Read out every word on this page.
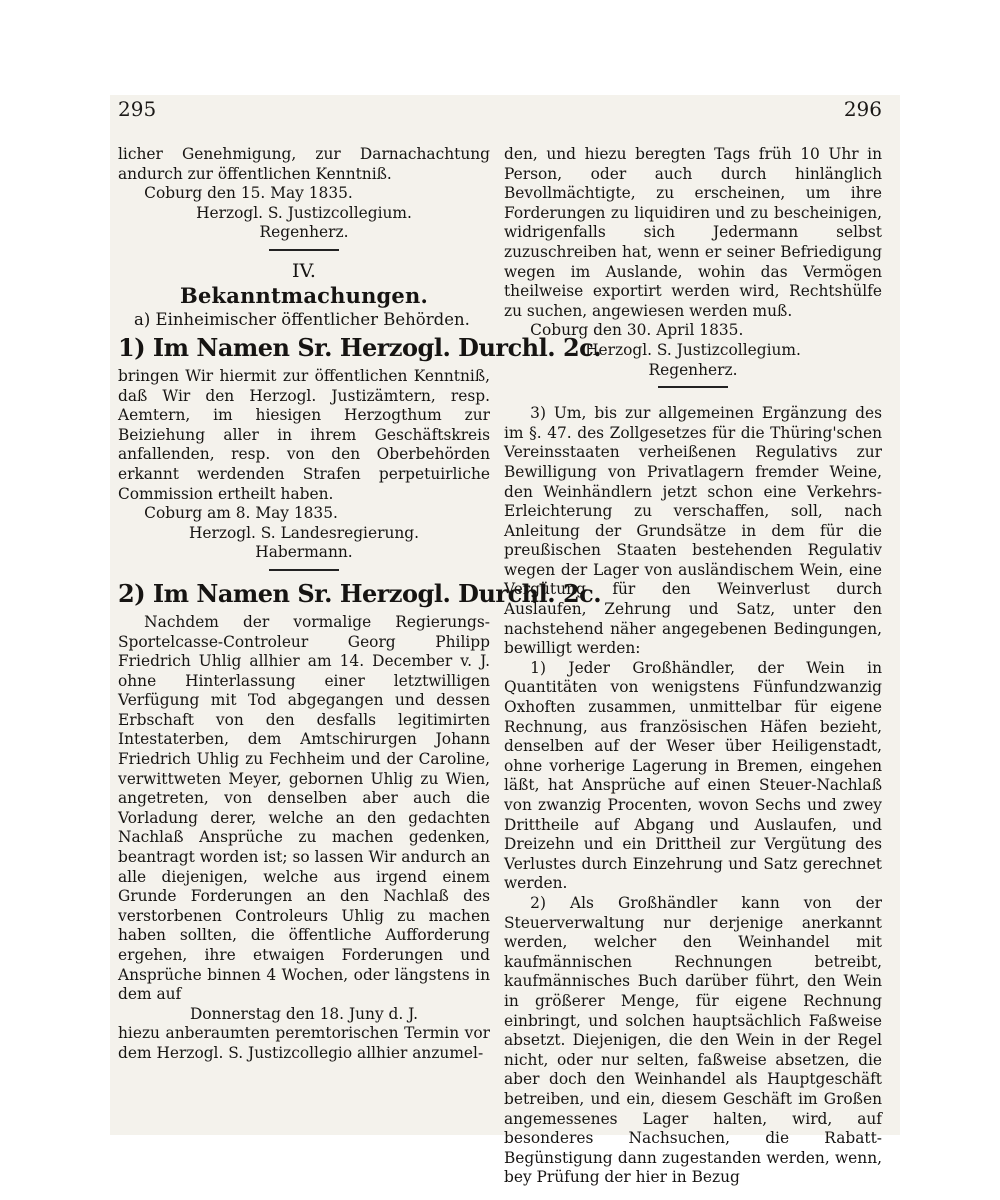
295	296

licher Genehmigung, zur Darnachachtung andurch zur öffentlichen Kenntniß.

Coburg den 15. May 1835.

Herzogl. S. Justizcollegium.

Regenherz.

IV.

Bekanntmachungen.

a) Einheimischer öffentlicher Behörden.

1) Im Namen Sr. Herzogl. Durchl. 2c.

bringen Wir hiermit zur öffentlichen Kenntniß, daß Wir den Herzogl. Justizämtern, resp. Aemtern, im hiesigen Herzogthum zur Beiziehung aller in ihrem Geschäftskreis anfallenden, resp. von den Oberbehörden erkannt werdenden Strafen perpetuirliche Commission ertheilt haben.

Coburg am 8. May 1835.

Herzogl. S. Landesregierung.

Habermann.

2) Im Namen Sr. Herzogl. Durchl. 2c.

Nachdem der vormalige Regierungs-Sportelcasse-Controleur Georg Philipp Friedrich Uhlig allhier am 14. December v. J. ohne Hinterlassung einer letztwilligen Verfügung mit Tod abgegangen und dessen Erbschaft von den desfalls legitimirten Intestaterben, dem Amtschirurgen Johann Friedrich Uhlig zu Fechheim und der Caroline, verwittweten Meyer, gebornen Uhlig zu Wien, angetreten, von denselben aber auch die Vorladung derer, welche an den gedachten Nachlaß Ansprüche zu machen gedenken, beantragt worden ist; so lassen Wir andurch an alle diejenigen, welche aus irgend einem Grunde Forderungen an den Nachlaß des verstorbenen Controleurs Uhlig zu machen haben sollten, die öffentliche Aufforderung ergehen, ihre etwaigen Forderungen und Ansprüche binnen 4 Wochen, oder längstens in dem auf

Donnerstag den 18. Juny d. J.

hiezu anberaumten peremtorischen Termin vor dem Herzogl. S. Justizcollegio allhier anzumel-

den, und hiezu beregten Tags früh 10 Uhr in Person, oder auch durch hinlänglich Bevollmächtigte, zu erscheinen, um ihre Forderungen zu liquidiren und zu bescheinigen, widrigenfalls sich Jedermann selbst zuzuschreiben hat, wenn er seiner Befriedigung wegen im Auslande, wohin das Vermögen theilweise exportirt werden wird, Rechtshülfe zu suchen, angewiesen werden muß.

Coburg den 30. April 1835.

Herzogl. S. Justizcollegium.

Regenherz.

3) Um, bis zur allgemeinen Ergänzung des im §. 47. des Zollgesetzes für die Thüring'schen Vereinsstaaten verheißenen Regulativs zur Bewilligung von Privatlagern fremder Weine, den Weinhändlern jetzt schon eine Verkehrs-Erleichterung zu verschaffen, soll, nach Anleitung der Grundsätze in dem für die preußischen Staaten bestehenden Regulativ wegen der Lager von ausländischem Wein, eine Vergütung für den Weinverlust durch Auslaufen, Zehrung und Satz, unter den nachstehend näher angegebenen Bedingungen, bewilligt werden:

1) Jeder Großhändler, der Wein in Quantitäten von wenigstens Fünfundzwanzig Oxhoften zusammen, unmittelbar für eigene Rechnung, aus französischen Häfen bezieht, denselben auf der Weser über Heiligenstadt, ohne vorherige Lagerung in Bremen, eingehen läßt, hat Ansprüche auf einen Steuer-Nachlaß von zwanzig Procenten, wovon Sechs und zwey Drittheile auf Abgang und Auslaufen, und Dreizehn und ein Drittheil zur Vergütung des Verlustes durch Einzehrung und Satz gerechnet werden.

2) Als Großhändler kann von der Steuerverwaltung nur derjenige anerkannt werden, welcher den Weinhandel mit kaufmännischen Rechnungen betreibt, kaufmännisches Buch darüber führt, den Wein in größerer Menge, für eigene Rechnung einbringt, und solchen hauptsächlich Faßweise absetzt. Diejenigen, die den Wein in der Regel nicht, oder nur selten, faßweise absetzen, die aber doch den Weinhandel als Hauptgeschäft betreiben, und ein, diesem Geschäft im Großen angemessenes Lager halten, wird, auf besonderes Nachsuchen, die Rabatt-Begünstigung dann zugestanden werden, wenn, bey Prüfung der hier in Bezug
